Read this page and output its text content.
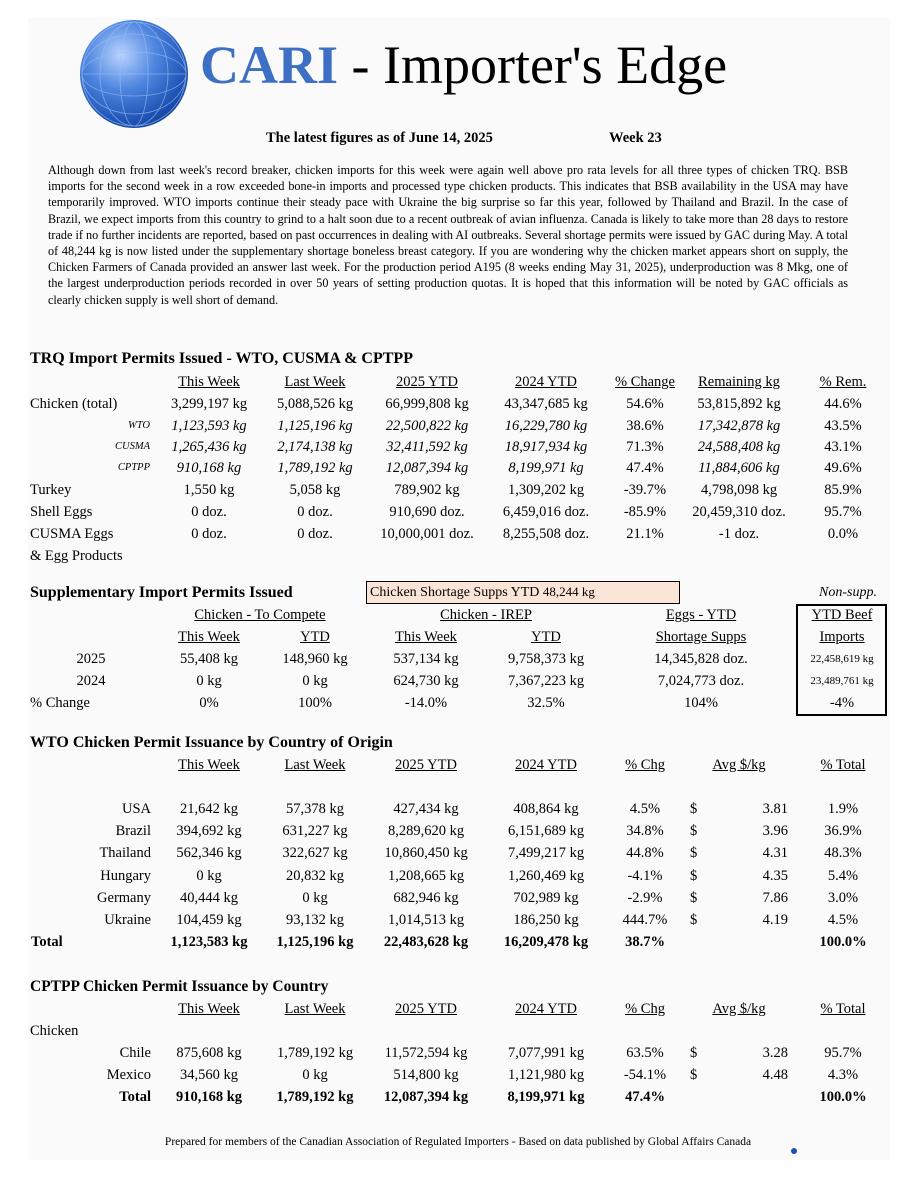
CARI - Importer's Edge
The latest figures as of June 14, 2025	Week 23
Although down from last week's record breaker, chicken imports for this week were again well above pro rata levels for all three types of chicken TRQ. BSB imports for the second week in a row exceeded bone-in imports and processed type chicken products. This indicates that BSB availability in the USA may have temporarily improved. WTO imports continue their steady pace with Ukraine the big surprise so far this year, followed by Thailand and Brazil. In the case of Brazil, we expect imports from this country to grind to a halt soon due to a recent outbreak of avian influenza. Canada is likely to take more than 28 days to restore trade if no further incidents are reported, based on past occurrences in dealing with AI outbreaks. Several shortage permits were issued by GAC during May. A total of 48,244 kg is now listed under the supplementary shortage boneless breast category. If you are wondering why the chicken market appears short on supply, the Chicken Farmers of Canada provided an answer last week. For the production period A195 (8 weeks ending May 31, 2025), underproduction was 8 Mkg, one of the largest underproduction periods recorded in over 50 years of setting production quotas. It is hoped that this information will be noted by GAC officials as clearly chicken supply is well short of demand.
TRQ Import Permits Issued - WTO, CUSMA & CPTPP
This Week	Last Week	2025 YTD	2024 YTD	% Change Remaining kg	% Rem.
Chicken (total)	3,299,197 kg 5,088,526 kg 66,999,808 kg 43,347,685 kg	54.6% 53,815,892 kg	44.6%
WTO 1,123,593 kg 1,125,196 kg 22,500,822 kg	16,229,780 kg	38.6% 17,342,878 kg	43.5%
CUSMA 1,265,436 kg 2,174,138 kg 32,411,592 kg	18,917,934 kg	71.3% 24,588,408 kg	43.1%
CPTPP 910,168 kg 1,789,192 kg 12,087,394 kg	8,199,971 kg	47.4% 11,884,606 kg	49.6%
Turkey	1,550 kg	5,058 kg	789,902 kg	1,309,202 kg	-39.7% 4,798,098 kg	85.9%
Shell Eggs	0 doz.	0 doz.	910,690 doz.	6,459,016 doz. -85.9% 20,459,310 doz.	95.7%
CUSMA Eggs	0 doz.	0 doz.	10,000,001 doz. 8,255,508 doz.	21.1%	-1 doz.	0.0%
& Egg Products
Supplementary Import Permits Issued	Chicken Shortage Supps YTD 48,244 kg	Non-supp.
Chicken - To Compete	Chicken - IREP	Eggs - YTD	YTD Beef
This Week	YTD	This Week	YTD	Shortage Supps	Imports
2025	55,408 kg	148,960 kg	537,134 kg	9,758,373 kg	14,345,828 doz.	22,458,619 kg
2024	0 kg	0 kg	624,730 kg	7,367,223 kg	7,024,773 doz.	23,489,761 kg
% Change	0%	100%	-14.0%	32.5%	104%	-4%
WTO Chicken Permit Issuance by Country of Origin
This Week	Last Week	2025 YTD	2024 YTD	% Chg	Avg $/kg	% Total
USA 21,642 kg	57,378 kg	427,434 kg	408,864 kg	4.5% $	3.81	1.9%
Brazil 394,692 kg	631,227 kg	8,289,620 kg	6,151,689 kg	34.8% $	3.96	36.9%
Thailand 562,346 kg	322,627 kg	10,860,450 kg	7,499,217 kg	44.8% $	4.31	48.3%
Hungary	0 kg	20,832 kg	1,208,665 kg	1,260,469 kg	-4.1% $	4.35	5.4%
Germany 40,444 kg	0 kg	682,946 kg	702,989 kg	-2.9% $	7.86	3.0%
Ukraine 104,459 kg	93,132 kg	1,014,513 kg	186,250 kg	444.7% $	4.19	4.5%
Total	1,123,583 kg 1,125,196 kg 22,483,628 kg 16,209,478 kg	38.7%	100.0%
CPTPP Chicken Permit Issuance by Country
This Week	Last Week	2025 YTD	2024 YTD	% Chg	Avg $/kg	% Total
Chile 875,608 kg 1,789,192 kg 11,572,594 kg	7,077,991 kg	63.5% $	3.28	95.7%
Mexico 34,560 kg	0 kg	514,800 kg	1,121,980 kg	-54.1% $	4.48	4.3%
Total 910,168 kg 1,789,192 kg 12,087,394 kg	8,199,971 kg	47.4%	100.0%
Chicken
Prepared for members of the Canadian Association of Regulated Importers - Based on data published by Global Affairs Canada
